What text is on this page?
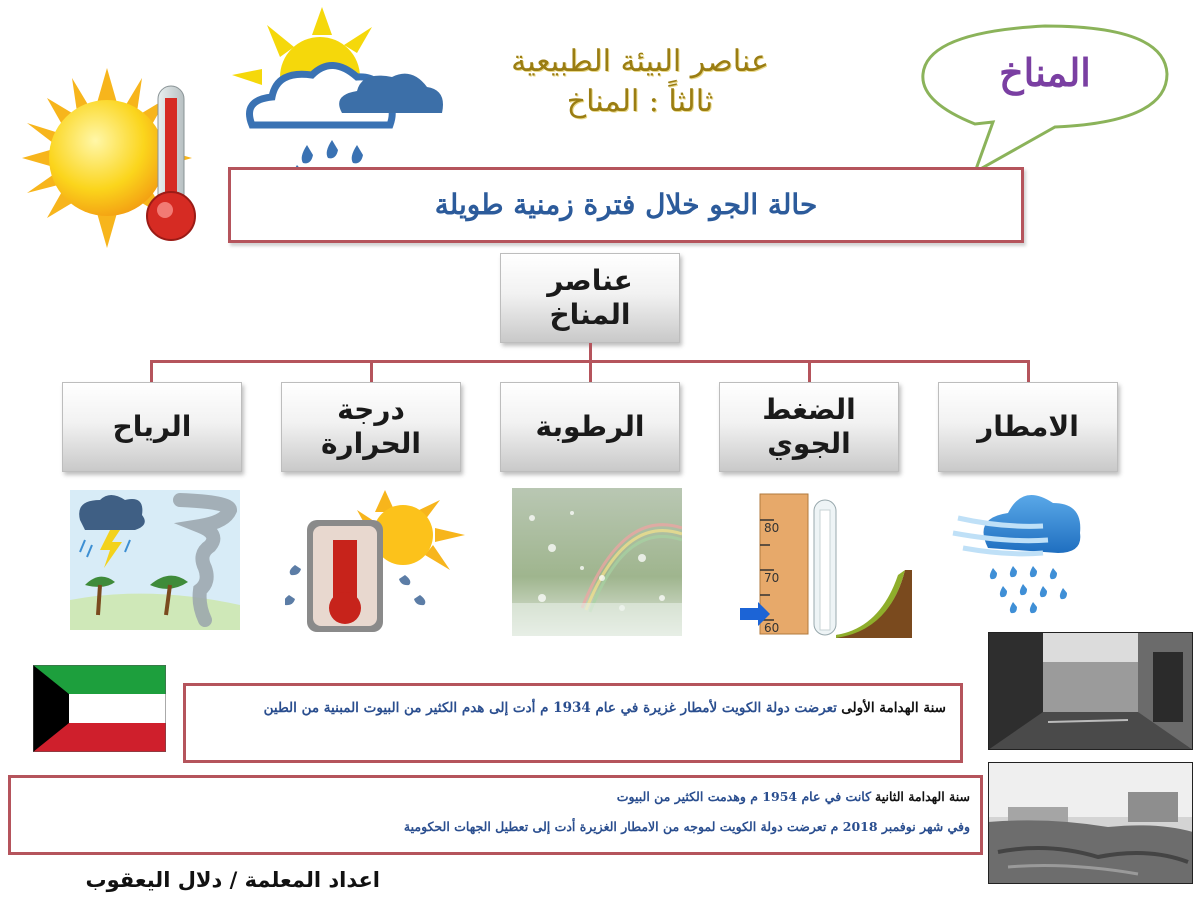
عناصر البيئة الطبيعية
ثالثاً : المناخ
المناخ
حالة الجو خلال فترة زمنية طويلة
عناصر
المناخ
الامطار
الضغط
الجوي
الرطوبة
درجة
الحرارة
الرياح
80
70
60
سنة الهدامة الأولى تعرضت دولة الكويت لأمطار غزيرة في عام 1934 م أدت إلى هدم الكثير من البيوت المبنية من الطين
سنة الهدامة الثانية كانت في عام 1954 م وهدمت الكثير من البيوت
وفي شهر نوفمبر 2018 م تعرضت دولة الكويت لموجه من الامطار الغزيرة أدت إلى تعطيل الجهات الحكومية
اعداد المعلمة / دلال اليعقوب
